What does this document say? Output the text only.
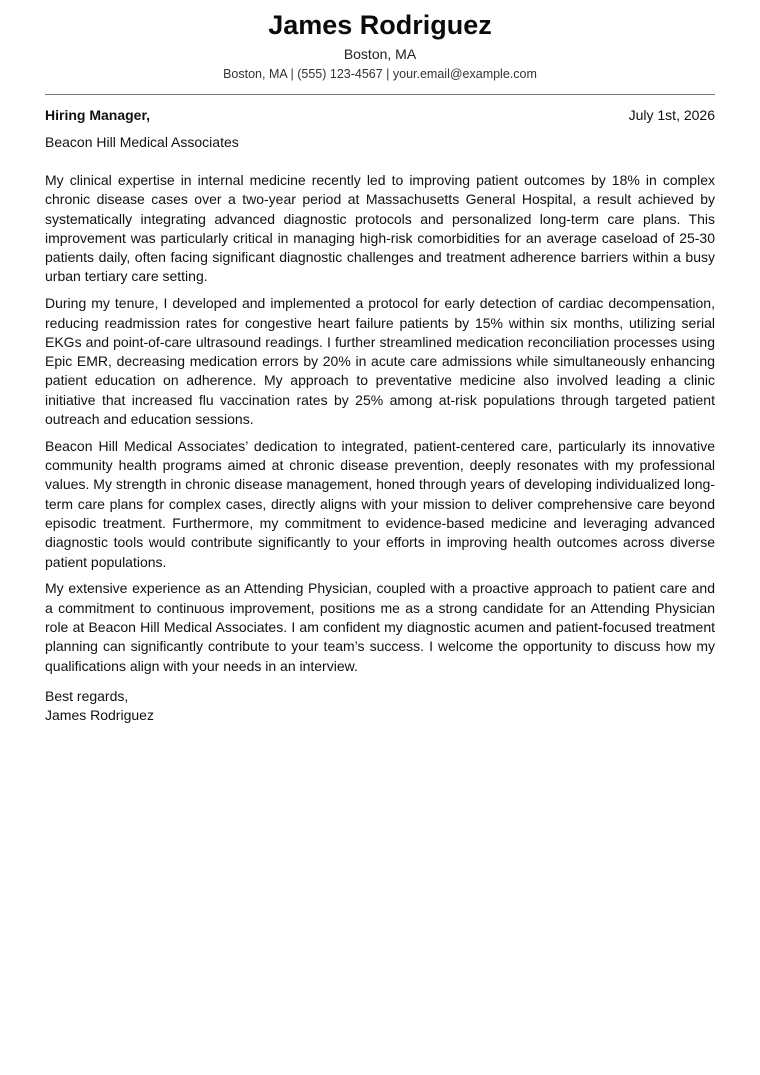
James Rodriguez
Boston, MA
Boston, MA | (555) 123-4567 | your.email@example.com
Hiring Manager,	July 1st, 2026
Beacon Hill Medical Associates

My clinical expertise in internal medicine recently led to improving patient outcomes by 18% in complex chronic disease cases over a two-year period at Massachusetts General Hospital, a result achieved by systematically integrating advanced diagnostic protocols and personalized long-term care plans. This improvement was particularly critical in managing high-risk comorbidities for an average caseload of 25-30 patients daily, often facing significant diagnostic challenges and treatment adherence barriers within a busy urban tertiary care setting.

During my tenure, I developed and implemented a protocol for early detection of cardiac decompensation, reducing readmission rates for congestive heart failure patients by 15% within six months, utilizing serial EKGs and point-of-care ultrasound readings. I further streamlined medication reconciliation processes using Epic EMR, decreasing medication errors by 20% in acute care admissions while simultaneously enhancing patient education on adherence. My approach to preventative medicine also involved leading a clinic initiative that increased flu vaccination rates by 25% among at-risk populations through targeted patient outreach and education sessions.

Beacon Hill Medical Associates’ dedication to integrated, patient-centered care, particularly its innovative community health programs aimed at chronic disease prevention, deeply resonates with my professional values. My strength in chronic disease management, honed through years of developing individualized long-term care plans for complex cases, directly aligns with your mission to deliver comprehensive care beyond episodic treatment. Furthermore, my commitment to evidence-based medicine and leveraging advanced diagnostic tools would contribute significantly to your efforts in improving health outcomes across diverse patient populations.

My extensive experience as an Attending Physician, coupled with a proactive approach to patient care and a commitment to continuous improvement, positions me as a strong candidate for an Attending Physician role at Beacon Hill Medical Associates. I am confident my diagnostic acumen and patient-focused treatment planning can significantly contribute to your team’s success. I welcome the opportunity to discuss how my qualifications align with your needs in an interview.

Best regards,
James Rodriguez
